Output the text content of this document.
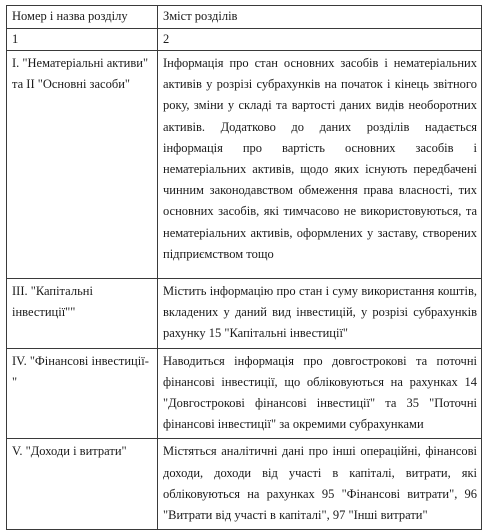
Номер і назва розділу	Зміст розділів
1	2
І. "Нематеріальні активи" та ІІ "Основні засоби"	Інформація про стан основних засобів і нематеріальних активів у розрізі субрахунків на початок і кінець звітного року, зміни у складі та вартості даних видів необоротних активів. Додатково до даних розділів надається інформація про вартість основних засобів і нематеріальних активів, щодо яких існують передбачені чинним законодавством обмеження права власності, тих основних засобів, які тимчасово не використовуються, та нематеріальних активів, оформлених у заставу, створених підприємством тощо
ІІІ. "Капітальні інвестиції""	Містить інформацію про стан і суму використання коштів, вкладених у даний вид інвестицій, у розрізі субрахунків рахунку 15 "Капітальні інвестиції"
IV. "Фінансові інвестиції-"	Наводиться інформація про довгострокові та поточні фінансові інвестиції, що обліковуються на рахунках 14 "Довгострокові фінансові інвестиції" та 35 "Поточні фінансові інвестиції" за окремими субрахунками
V. "Доходи і витрати"	Містяться аналітичні дані про інші операційні, фінансові доходи, доходи від участі в капіталі, витрати, які обліковуються на рахунках 95 "Фінансові витрати", 96 "Витрати від участі в капіталі", 97 "Інші витрати"
